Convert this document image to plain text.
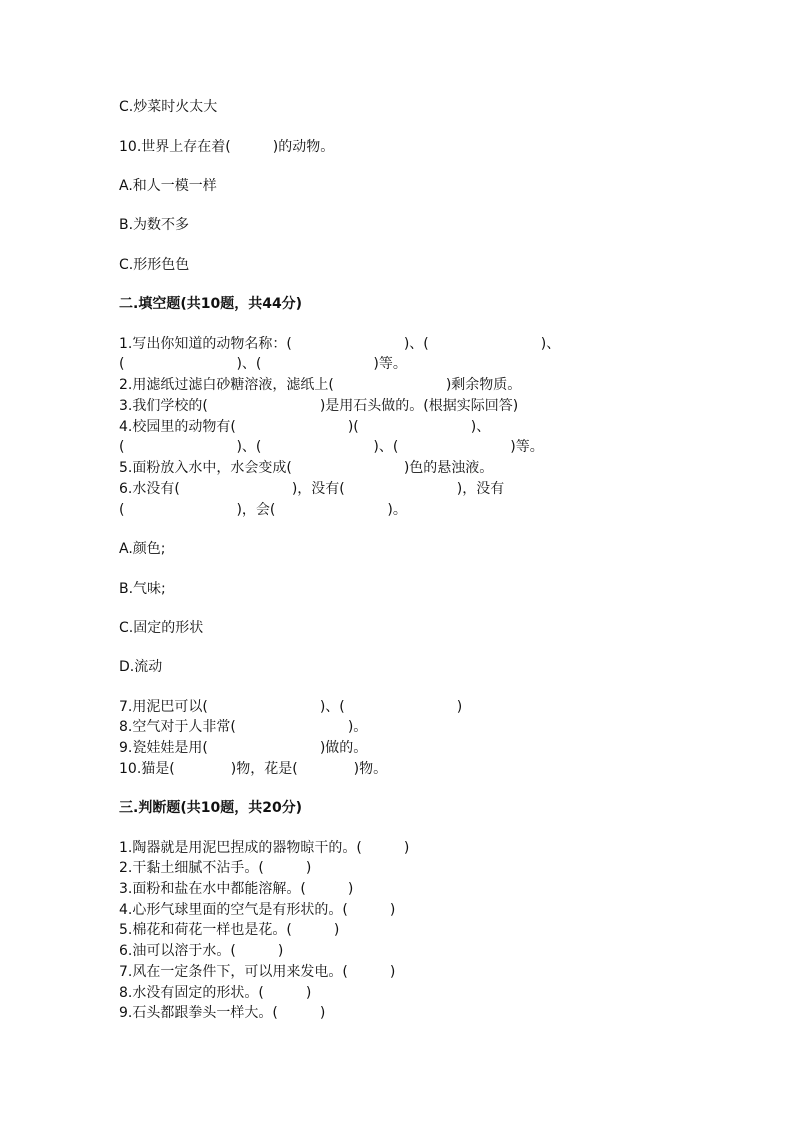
C.炒菜时火太大
10.世界上存在着(　　　)的动物。
A.和人一模一样
B.为数不多
C.形形色色
二.填空题(共10题，共44分)
1.写出你知道的动物名称：(　　　　　　　　)、(　　　　　　　　)、
(　　　　　　　　)、(　　　　　　　　)等。
2.用滤纸过滤白砂糖溶液，滤纸上(　　　　　　　　)剩余物质。
3.我们学校的(　　　　　　　　)是用石头做的。(根据实际回答)
4.校园里的动物有(　　　　　　　　)(　　　　　　　　)、
(　　　　　　　　)、(　　　　　　　　)、(　　　　　　　　)等。
5.面粉放入水中，水会变成(　　　　　　　　)色的悬浊液。
6.水没有(　　　　　　　　)，没有(　　　　　　　　)，没有
(　　　　　　　　)，会(　　　　　　　　)。
A.颜色;
B.气味;
C.固定的形状
D.流动
7.用泥巴可以(　　　　　　　　)、(　　　　　　　　)
8.空气对于人非常(　　　　　　　　)。
9.瓷娃娃是用(　　　　　　　　)做的。
10.猫是(　　　　)物，花是(　　　　)物。
三.判断题(共10题，共20分)
1.陶器就是用泥巴捏成的器物晾干的。(　　　)
2.干黏土细腻不沾手。(　　　)
3.面粉和盐在水中都能溶解。(　　　)
4.心形气球里面的空气是有形状的。(　　　)
5.棉花和荷花一样也是花。(　　　)
6.油可以溶于水。(　　　)
7.风在一定条件下，可以用来发电。(　　　)
8.水没有固定的形状。(　　　)
9.石头都跟拳头一样大。(　　　)
